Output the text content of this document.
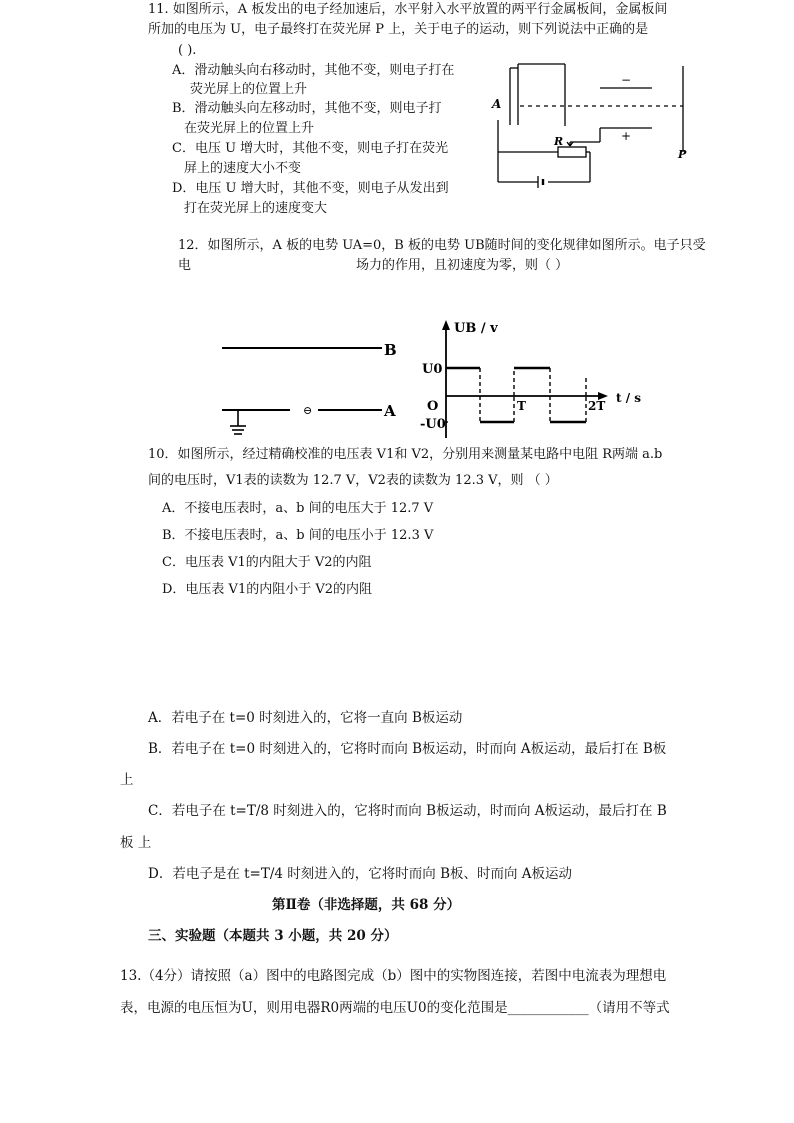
11. 如图所示，A 板发出的电子经加速后，水平射入水平放置的两平行金属板间，金属板间
所加的电压为 U，电子最终打在荧光屏 P 上，关于电子的运动，则下列说法中正确的是
( ).
A．滑动触头向右移动时，其他不变，则电子打在
荧光屏上的位置上升
B．滑动触头向左移动时，其他不变，则电子打
在荧光屏上的位置上升
C．电压 U 增大时，其他不变，则电子打在荧光
屏上的速度大小不变
D．电压 U 增大时，其他不变，则电子从发出到
打在荧光屏上的速度变大
A
R
P
−
+
12．如图所示，A 板的电势 UA=0，B 板的电势 UB随时间的变化规律如图所示。电子只受
电	场力的作用，且初速度为零，则（ ）
B
A
⊖
UB / v
t / s
U0
-U0
O	T	2T
10．如图所示，经过精确校准的电压表 V1和 V2，分别用来测量某电路中电阻 R两端 a.b
间的电压时，V1表的读数为 12.7 V，V2表的读数为 12.3 V，则 （ ）
A．不接电压表时，a、b 间的电压大于 12.7 V
B．不接电压表时，a、b 间的电压小于 12.3 V
C．电压表 V1的内阻大于 V2的内阻
D．电压表 V1的内阻小于 V2的内阻
A．若电子在 t=0 时刻进入的，它将一直向 B板运动
B．若电子在 t=0 时刻进入的，它将时而向 B板运动，时而向 A板运动，最后打在 B板
上
C．若电子在 t=T/8 时刻进入的，它将时而向 B板运动，时而向 A板运动，最后打在 B
板 上
D．若电子是在 t=T/4 时刻进入的，它将时而向 B板、时而向 A板运动
第Ⅱ卷（非选择题，共 68 分）
三、实验题（本题共 3 小题，共 20 分）
13.（4分）请按照（a）图中的电路图完成（b）图中的实物图连接，若图中电流表为理想电
表，电源的电压恒为U，则用电器R0两端的电压U0的变化范围是____________（请用不等式
